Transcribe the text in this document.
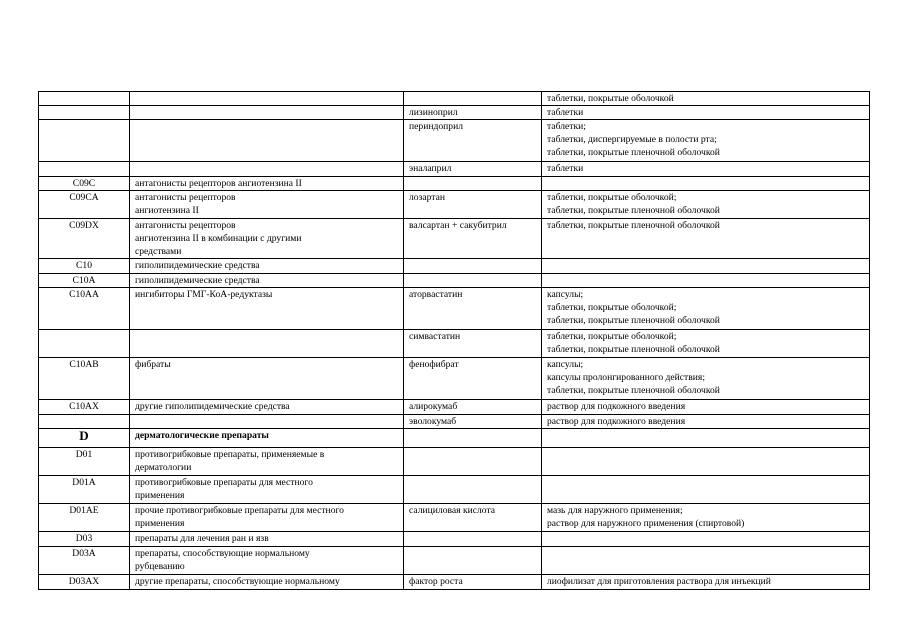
			таблетки, покрытые оболочкой

		лизиноприл	таблетки

		периндоприл	таблетки;
таблетки, диспергируемые в полости рта;
таблетки, покрытые пленочной оболочкой

		эналаприл	таблетки

C09C	антагонисты рецепторов ангиотензина II		

C09CA	антагонисты рецепторов
ангиотензина II	лозартан	таблетки, покрытые оболочкой;
таблетки, покрытые пленочной оболочкой

C09DX	антагонисты рецепторов
ангиотензина II в комбинации с другими
средствами	валсартан + сакубитрил	таблетки, покрытые пленочной оболочкой

C10	гиполипидемические средства		

C10A	гиполипидемические средства		

C10AA	ингибиторы ГМГ-КоА-редуктазы	аторвастатин	капсулы;
таблетки, покрытые оболочкой;
таблетки, покрытые пленочной оболочкой

		симвастатин	таблетки, покрытые оболочкой;
таблетки, покрытые пленочной оболочкой

C10AB	фибраты	фенофибрат	капсулы;
капсулы пролонгированного действия;
таблетки, покрытые пленочной оболочкой

C10AX	другие гиполипидемические средства	алирокумаб	раствор для подкожного введения

		эволокумаб	раствор для подкожного введения

D	дерматологические препараты		

D01	противогрибковые препараты, применяемые в
дерматологии		

D01A	противогрибковые препараты для местного
применения		

D01AE	прочие противогрибковые препараты для местного
применения	салициловая кислота	мазь для наружного применения;
раствор для наружного применения (спиртовой)

D03	препараты для лечения ран и язв		

D03A	препараты, способствующие нормальному
рубцеванию		

D03AX	другие препараты, способствующие нормальному	фактор роста	лиофилизат для приготовления раствора для инъекций
